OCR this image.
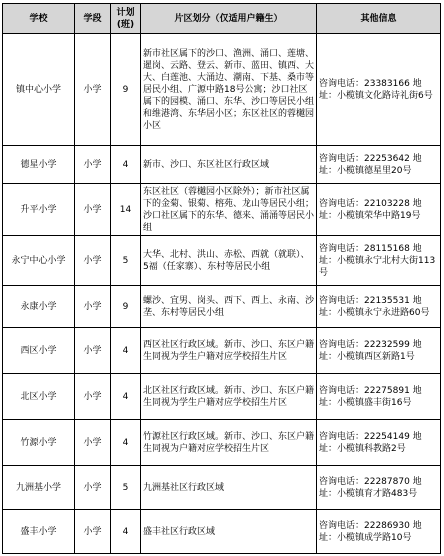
学校	学段	计划(班)	片区划分（仅适用户籍生）	其他信息
镇中心小学	小学	9	新市社区属下的沙口、渔洲、涌口、莲塘、暹岗、云路、登云、新市、蓝田、镇西、大大、白莲池、大涌边、潮南、下基、桑市等居民小组、广源中路18号公寓；沙口社区属下的园模、涌口、东华、沙口等居民小组和维港湾、东华居小区；东区社区的蓉樾园小区	咨询电话：23383166 地址：小榄镇文化路诗礼街6号
德星小学	小学	4	新市、沙口、东区社区行政区域	咨询电话：22253642 地址：小榄镇德星里20号
升平小学	小学	14	东区社区（蓉樾园小区除外）；新市社区属下的金菊、银菊、榕苑、龙山等居民小组；沙口社区属下的东华、德来、涌涌等居民小组	咨询电话：22103228 地址：小榄镇荣华中路19号
永宁中心小学	小学	5	大华、北村、洪山、赤松、西就（就联）、5福（任家寨）、东村等居民小组	咨询电话：28115168 地址：小榄镇永宁北村大街113号
永康小学	小学	9	螺沙、宜男、岗头、西下、西上、永南、沙垄、东村等居民小组	咨询电话：22135531 地址：小榄镇永宁永进路60号
西区小学	小学	4	西区社区行政区域。新市、沙口、东区户籍生同视为学生户籍对应学校招生片区	咨询电话：22232599 地址：小榄镇西区新路1号
北区小学	小学	4	北区社区行政区域。新市、沙口、东区户籍生同视为学生户籍对应学校招生片区	咨询电话：22275891 地址：小榄镇盛丰街16号
竹源小学	小学	4	竹源社区行政区域。新市、沙口、东区户籍生同视为户籍对应学校招生片区	咨询电话：22254149 地址：小榄镇科教路2号
九洲基小学	小学	5	九洲基社区行政区域	咨询电话：22287870 地址：小榄镇育才路483号
盛丰小学	小学	4	盛丰社区行政区域	咨询电话：22286930 地址：小榄镇成学路10号
